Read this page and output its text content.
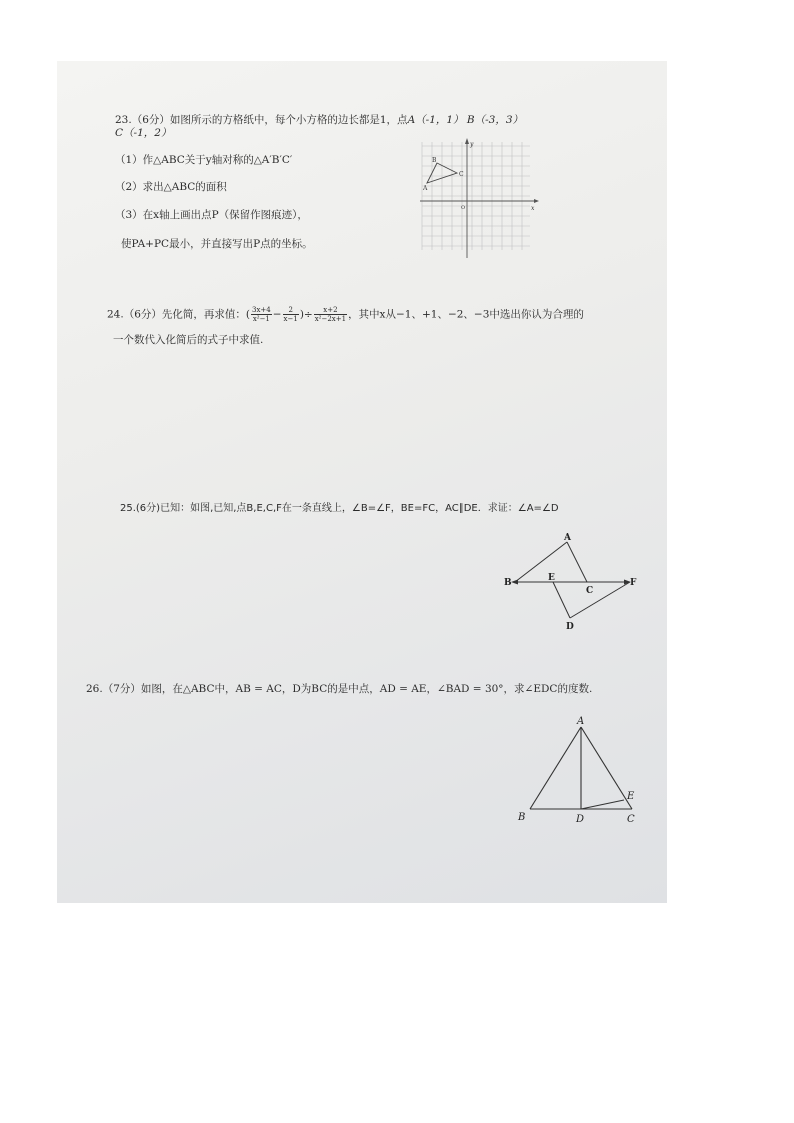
23.（6分）如图所示的方格纸中，每个小方格的边长都是1，点A（-1，1） B（-3，3）
C（-1，2）
（1）作△ABC关于y轴对称的△A′B′C′
（2）求出△ABC的面积
（3）在x轴上画出点P（保留作图痕迹），
使PA+PC最小，并直接写出P点的坐标。
B
C
A
x
O
y
24.（6分）先化简，再求值：( $\frac{3x+4}{\text{x²−1}} - \frac{2}{x-1}$ )÷ $\frac{x+2}{\text{x²−2x+1}}$ ，其中x从−1、+1、−2、−3中选出你认为合理的
一个数代入化简后的式子中求值.
25.(6分)已知：如图,已知,点B,E,C,F在一条直线上，∠B=∠F，BE=FC，AC∥DE．求证：∠A=∠D
A
B	E
C
F
D
26.（7分）如图，在△ABC中，AB = AC，D为BC的是中点，AD = AE，∠BAD = 30°，求∠EDC的度数.
A
B	D	C
E
